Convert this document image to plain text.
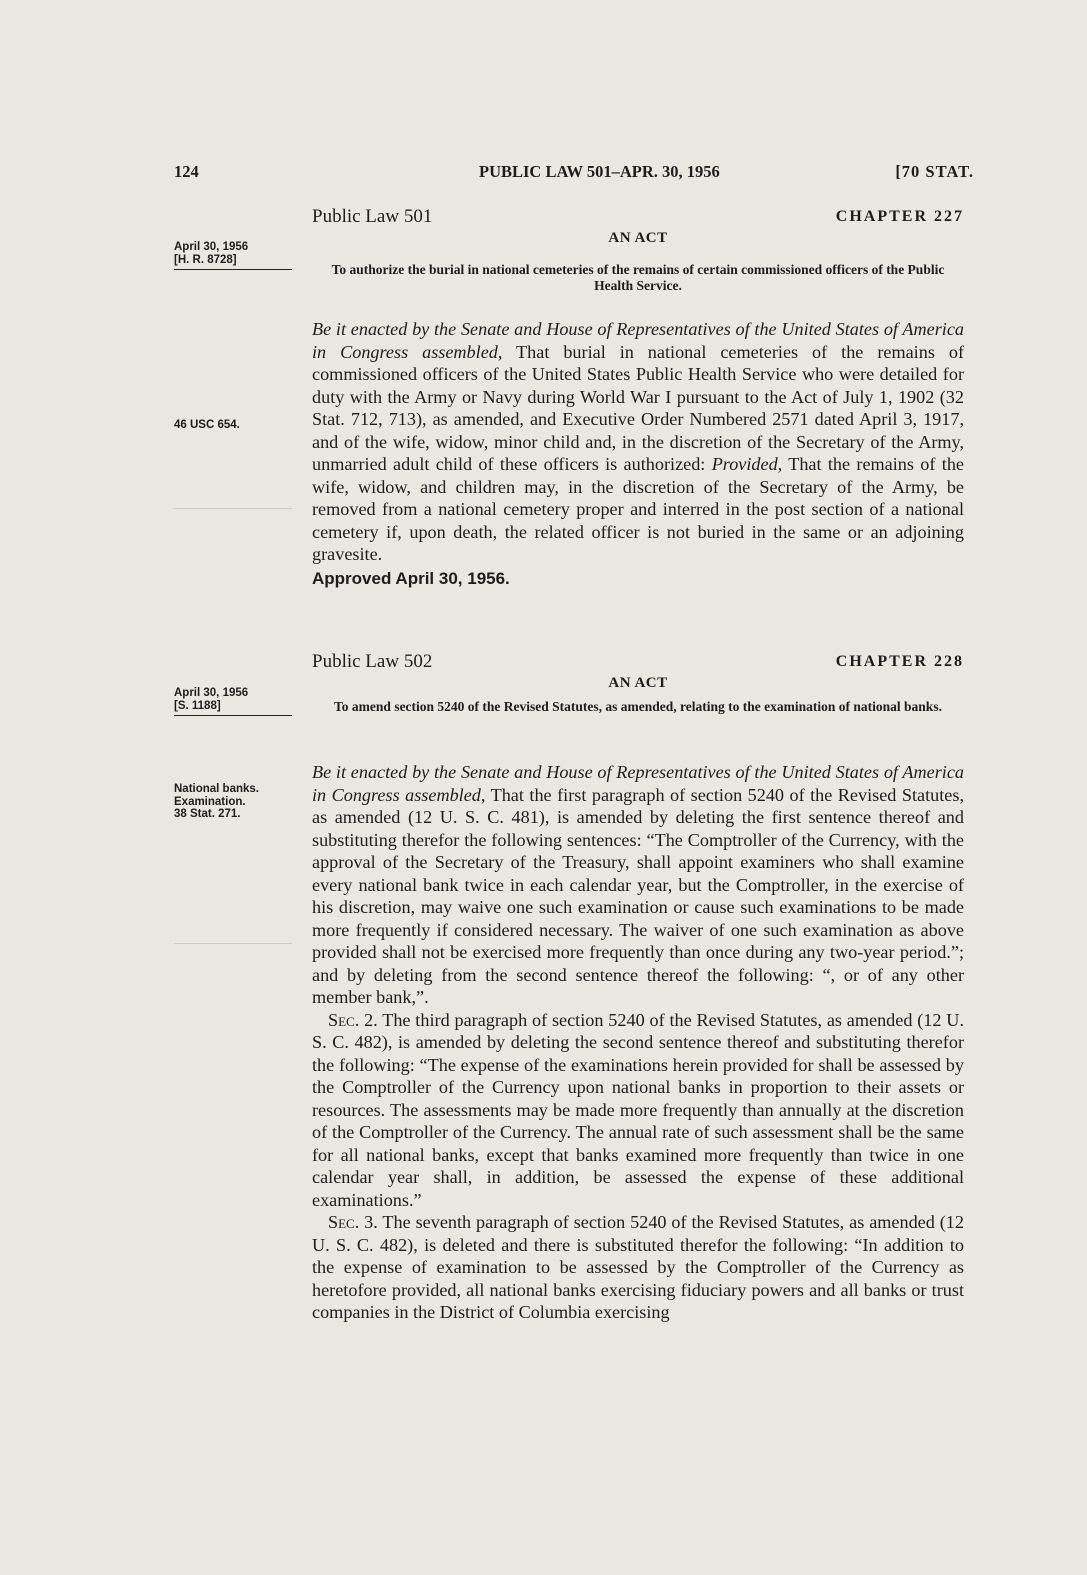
124	PUBLIC LAW 501–APR. 30, 1956	[70 STAT.
Public Law 501	CHAPTER 227
AN ACT
To authorize the burial in national cemeteries of the remains of certain commissioned officers of the Public Health Service.
April 30, 1956
[H. R. 8728]
46 USC 654.

Be it enacted by the Senate and House of Representatives of the United States of America in Congress assembled, That burial in national cemeteries of the remains of commissioned officers of the United States Public Health Service who were detailed for duty with the Army or Navy during World War I pursuant to the Act of July 1, 1902 (32 Stat. 712, 713), as amended, and Executive Order Numbered 2571 dated April 3, 1917, and of the wife, widow, minor child and, in the discretion of the Secretary of the Army, unmarried adult child of these officers is authorized: Provided, That the remains of the wife, widow, and children may, in the discretion of the Secretary of the Army, be removed from a national cemetery proper and interred in the post section of a national cemetery if, upon death, the related officer is not buried in the same or an adjoining gravesite.

Approved April 30, 1956.
Public Law 502	CHAPTER 228
AN ACT
To amend section 5240 of the Revised Statutes, as amended, relating to the examination of national banks.
April 30, 1956
[S. 1188]
National banks.
Examination.
38 Stat. 271.

Be it enacted by the Senate and House of Representatives of the United States of America in Congress assembled, That the first paragraph of section 5240 of the Revised Statutes, as amended (12 U. S. C. 481), is amended by deleting the first sentence thereof and substituting therefor the following sentences: “The Comptroller of the Currency, with the approval of the Secretary of the Treasury, shall appoint examiners who shall examine every national bank twice in each calendar year, but the Comptroller, in the exercise of his discretion, may waive one such examination or cause such examinations to be made more frequently if considered necessary. The waiver of one such examination as above provided shall not be exercised more frequently than once during any two-year period.”; and by deleting from the second sentence thereof the following: “, or of any other member bank,”.

Sec. 2. The third paragraph of section 5240 of the Revised Statutes, as amended (12 U. S. C. 482), is amended by deleting the second sentence thereof and substituting therefor the following: “The expense of the examinations herein provided for shall be assessed by the Comptroller of the Currency upon national banks in proportion to their assets or resources. The assessments may be made more frequently than annually at the discretion of the Comptroller of the Currency. The annual rate of such assessment shall be the same for all national banks, except that banks examined more frequently than twice in one calendar year shall, in addition, be assessed the expense of these additional examinations.”

Sec. 3. The seventh paragraph of section 5240 of the Revised Statutes, as amended (12 U. S. C. 482), is deleted and there is substituted therefor the following: “In addition to the expense of examination to be assessed by the Comptroller of the Currency as heretofore provided, all national banks exercising fiduciary powers and all banks or trust companies in the District of Columbia exercising
